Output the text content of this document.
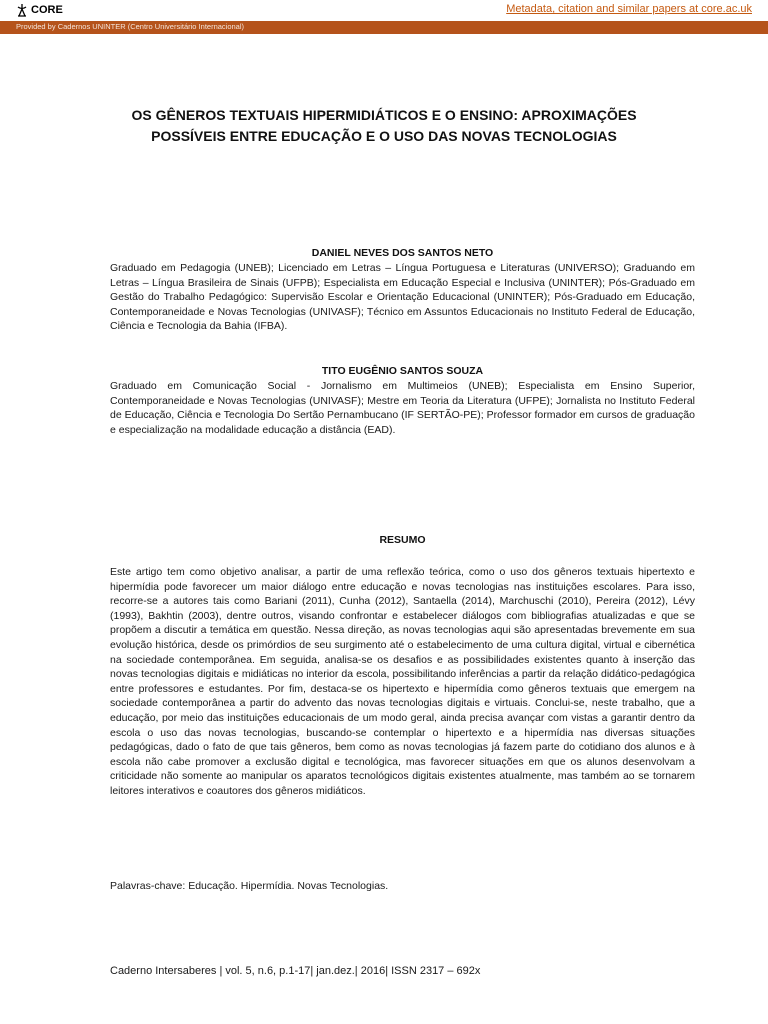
CORE	Metadata, citation and similar papers at core.ac.uk
Provided by Cadernos UNINTER (Centro Universitário Internacional)
OS GÊNEROS TEXTUAIS HIPERMIDIÁTICOS E O ENSINO: APROXIMAÇÕES
POSSÍVEIS ENTRE EDUCAÇÃO E O USO DAS NOVAS TECNOLOGIAS
DANIEL NEVES DOS SANTOS NETO
Graduado em Pedagogia (UNEB); Licenciado em Letras – Língua Portuguesa e Literaturas (UNIVERSO); Graduando em Letras – Língua Brasileira de Sinais (UFPB); Especialista em Educação Especial e Inclusiva (UNINTER); Pós-Graduado em Gestão do Trabalho Pedagógico: Supervisão Escolar e Orientação Educacional (UNINTER); Pós-Graduado em Educação, Contemporaneidade e Novas Tecnologias (UNIVASF); Técnico em Assuntos Educacionais no Instituto Federal de Educação, Ciência e Tecnologia da Bahia (IFBA).
TITO EUGÊNIO SANTOS SOUZA
Graduado em Comunicação Social - Jornalismo em Multimeios (UNEB); Especialista em Ensino Superior, Contemporaneidade e Novas Tecnologias (UNIVASF); Mestre em Teoria da Literatura (UFPE); Jornalista no Instituto Federal de Educação, Ciência e Tecnologia Do Sertão Pernambucano (IF SERTÃO-PE); Professor formador em cursos de graduação e especialização na modalidade educação a distância (EAD).
RESUMO
Este artigo tem como objetivo analisar, a partir de uma reflexão teórica, como o uso dos gêneros textuais hipertexto e hipermídia pode favorecer um maior diálogo entre educação e novas tecnologias nas instituições escolares. Para isso, recorre-se a autores tais como Bariani (2011), Cunha (2012), Santaella (2014), Marchuschi (2010), Pereira (2012), Lévy (1993), Bakhtin (2003), dentre outros, visando confrontar e estabelecer diálogos com bibliografias atualizadas e que se propõem a discutir a temática em questão. Nessa direção, as novas tecnologias aqui são apresentadas brevemente em sua evolução histórica, desde os primórdios de seu surgimento até o estabelecimento de uma cultura digital, virtual e cibernética na sociedade contemporânea. Em seguida, analisa-se os desafios e as possibilidades existentes quanto à inserção das novas tecnologias digitais e midiáticas no interior da escola, possibilitando inferências a partir da relação didático-pedagógica entre professores e estudantes. Por fim, destaca-se os hipertexto e hipermídia como gêneros textuais que emergem na sociedade contemporânea a partir do advento das novas tecnologias digitais e virtuais. Conclui-se, neste trabalho, que a educação, por meio das instituições educacionais de um modo geral, ainda precisa avançar com vistas a garantir dentro da escola o uso das novas tecnologias, buscando-se contemplar o hipertexto e a hipermídia nas diversas situações pedagógicas, dado o fato de que tais gêneros, bem como as novas tecnologias já fazem parte do cotidiano dos alunos e à escola não cabe promover a exclusão digital e tecnológica, mas favorecer situações em que os alunos desenvolvam a criticidade não somente ao manipular os aparatos tecnológicos digitais existentes atualmente, mas também ao se tornarem leitores interativos e coautores dos gêneros midiáticos.
Palavras-chave: Educação. Hipermídia. Novas Tecnologias.
Caderno Intersaberes | vol. 5, n.6, p.1-17| jan.dez.| 2016| ISSN 2317 – 692x
